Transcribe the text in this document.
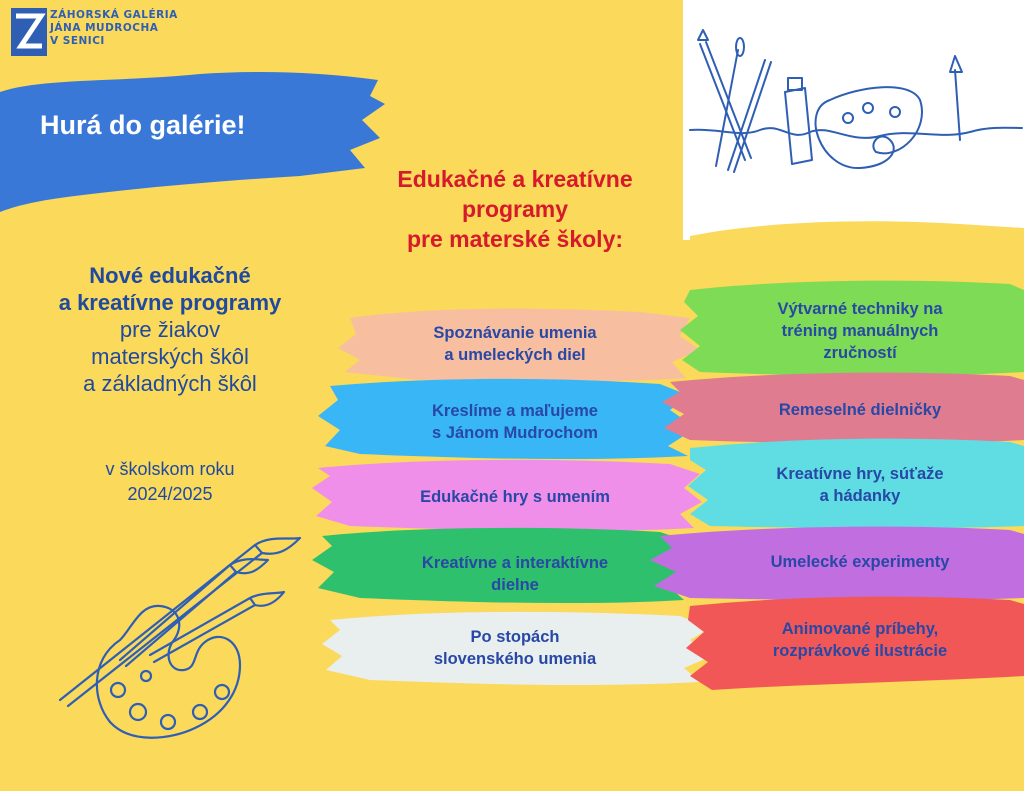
ZÁHORSKÁ GALÉRIA
JÁNA MUDROCHA
V SENICI
Hurá do galérie!
Edukačné a kreatívne
programy
pre materské školy:
Nové edukačné
a kreatívne programy
pre žiakov
materských škôl
a základných škôl
v školskom roku
2024/2025
Spoznávanie umenia
a umeleckých diel
Kreslíme a maľujeme
s Jánom Mudrochom
Edukačné hry s umením
Kreatívne a interaktívne
dielne
Po stopách
slovenského umenia
Výtvarné techniky na
tréning manuálnych
zručností
Remeselné dielničky
Kreatívne hry, súťaže
a hádanky
Umelecké experimenty
Animované príbehy,
rozprávkové ilustrácie
